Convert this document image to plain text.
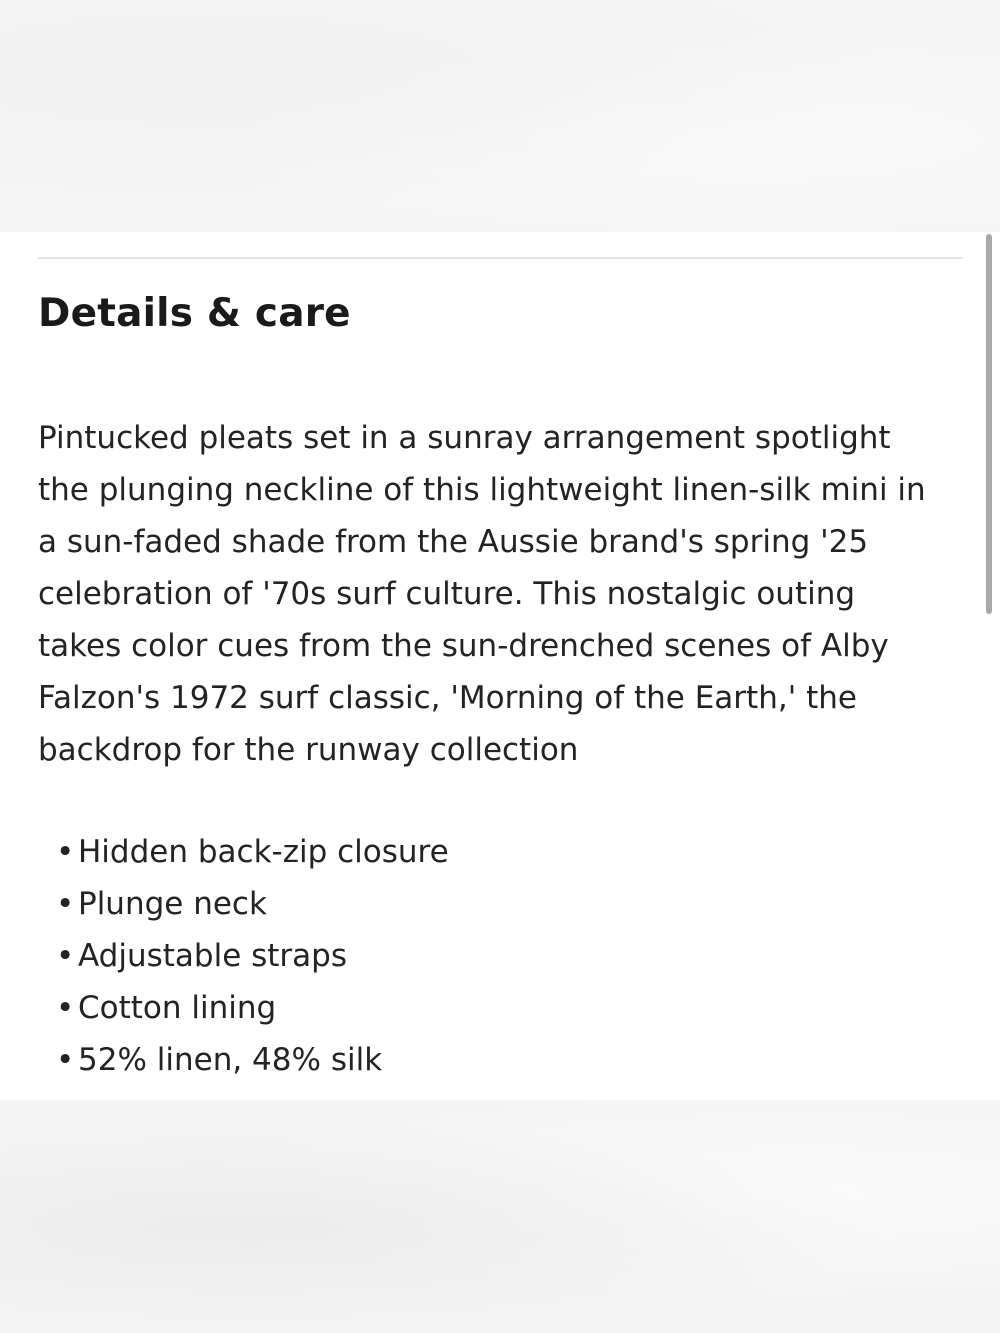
Details & care

Pintucked pleats set in a sunray arrangement spotlight
the plunging neckline of this lightweight linen-silk mini in
a sun-faded shade from the Aussie brand's spring '25
celebration of '70s surf culture. This nostalgic outing
takes color cues from the sun-drenched scenes of Alby
Falzon's 1972 surf classic, 'Morning of the Earth,' the
backdrop for the runway collection

• Hidden back-zip closure
• Plunge neck
• Adjustable straps
• Cotton lining
• 52% linen, 48% silk
